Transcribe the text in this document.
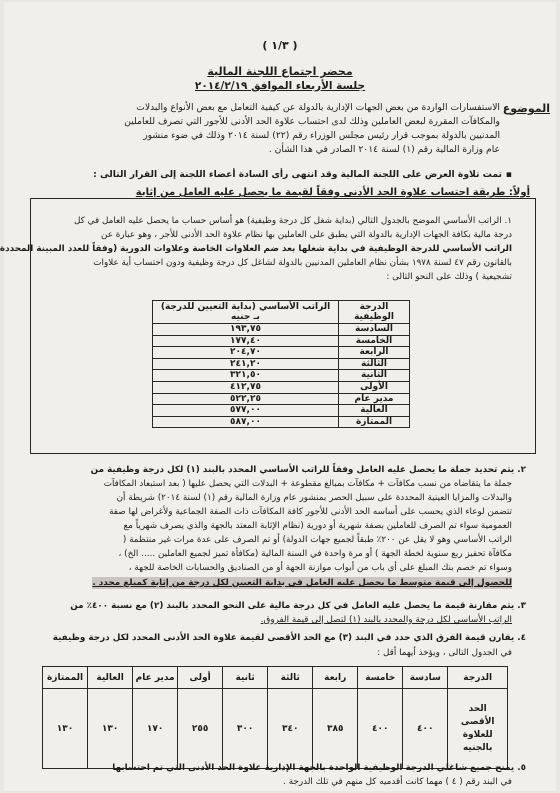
( ١/٣ )
محضر اجتماع اللجنة المالية
جلسة الأربعاء الموافق ٢٠١٤/٢/١٩
الموضوع
الاستفسارات الواردة من بعض الجهات الإدارية بالدولة عن كيفية التعامل مع بعض الأنواع والبدلات
والمكافآت المقررة لبعض العاملين وذلك لدى احتساب علاوة الحد الأدنى للأجور التي تصرف للعاملين
المدنيين بالدولة بموجب قرار رئيس مجلس الوزراء رقم (٢٢) لسنة ٢٠١٤ وذلك في ضوء منشور
عام وزارة المالية رقم (١) لسنة ٢٠١٤ الصادر في هذا الشأن .
▪
تمت تلاوة العرض على اللجنة المالية وقد انتهى رأى السادة أعضاء اللجنة إلى القرار التالى :
أولاً: طريقة احتساب علاوة الحد الأدنى وفقاً لقيمة ما يحصل عليه العامل من إثابة
١. الراتب الأساسي الموضح بالجدول التالي (بداية شغل كل درجة وظيفية) هو أساس حساب ما يحصل عليه العامل في كل
درجة مالية بكافة الجهات الإدارية بالدولة التي يطبق على العاملين بها نظام علاوة الحد الأدنى للأجر ، وهو عبارة عن
الراتب الأساسي للدرجة الوظيفية في بداية شغلها بعد ضم العلاوات الخاصة وعلاوات الدورية (وفقاً للعدد المبينة المحددة
بالقانون رقم ٤٧ لسنة ١٩٧٨ بشأن نظام العاملين المدنيين بالدولة لشاغل كل درجة وظيفية ودون احتساب أية علاوات
تشجيعية ) وذلك على النحو التالى :
الدرجة الوظيفية	الراتب الأساسي (بداية التعيين للدرجة) بـ جنيه
السادسة	١٩٣,٧٥
الخامسة	١٧٧,٤٠
الرابعة	٢٠٤,٧٠
الثالثة	٢٤١,٢٠
الثانية	٣٢١,٥٠
الأولى	٤١٢,٧٥
مدير عام	٥٢٢,٢٥
العالية	٥٧٧,٠٠
الممتازة	٥٨٧,٠٠
٢. يتم تحديد جملة ما يحصل عليه العامل وفقاً للراتب الأساسي المحدد بالبند (١) لكل درجة وظيفية من
جملة ما يتقاضاه من نسب مكافآت + مكافآت بمبالغ مقطوعة + البدلات التي يحصل عليها ( بعد استبعاد المكافآت
والبدلات والمزايا العينية المحددة على سبيل الحصر بمنشور عام وزارة المالية رقم (١) لسنة ٢٠١٤) شريطة أن
تتضمن لوعاء الذي يحسب على أساسه الحد الأدنى للأجور كافة المكافآت ذات الصفة الجماعية ولأغراض لها صفة
العمومية سواء تم الصرف للعاملين بصفة شهرية أو دورية (نظام الإثابة المعتد بالجهة والذي يصرف شهرياً مع
الراتب الأساسي وهو لا يقل عن ٢٠٠٪ طبقاً لجميع جهات الدولة) أو تم الصرف على عدة مرات غير منتظمة (
مكافآة تحفيز ربع سنوية لخطة الجهة ) أو مرة واحدة في السنة المالية (مكافأة تميز لجميع العاملين ..... الخ) ،
وسواء تم خصم بنك المبلغ على أي باب من أبواب موازنة الجهة أو من الصناديق والحسابات الخاصة للجهة ،
للحصول إلى قيمة متوسط ما يحصل عليه العامل في بداية التعيين لكل درجة من إثابة كميلغ محدد .
٣. يتم مقارنة قيمة ما يحصل عليه العامل في كل درجة مالية على النحو المحدد بالبند (٢) مع نسبة ٤٠٠٪ من
الراتب الأساسي لكل درجة والمحدد بالبند (١) لتصل إلى قيمة الفروق.
٤. يقارن قيمة الفرق الذي حدد في البند (٣) مع الحد الأقصى لقيمة علاوة الحد الأدنى المحدد لكل درجة وظيفية
في الجدول التالى ، ويؤخذ أيهما أقل :
الدرجة	سادسة	خامسة	رابعة	ثالثة	ثانية	أولى	مدير عام	العالية	الممتازة
الحد الأقصى للعلاوة بالجنيه	٤٠٠	٤٠٠	٣٨٥	٣٤٠	٣٠٠	٢٥٥	١٧٠	١٣٠	١٣٠
٥. يمنح جميع شاغلي الدرجة الوظيفية الواحدة بالجهة الإدارية علاوة الحد الأدنى التي تم احتسابها
في البند رقم ( ٤ ) مهما كانت أقدميه كل منهم في تلك الدرجة .
